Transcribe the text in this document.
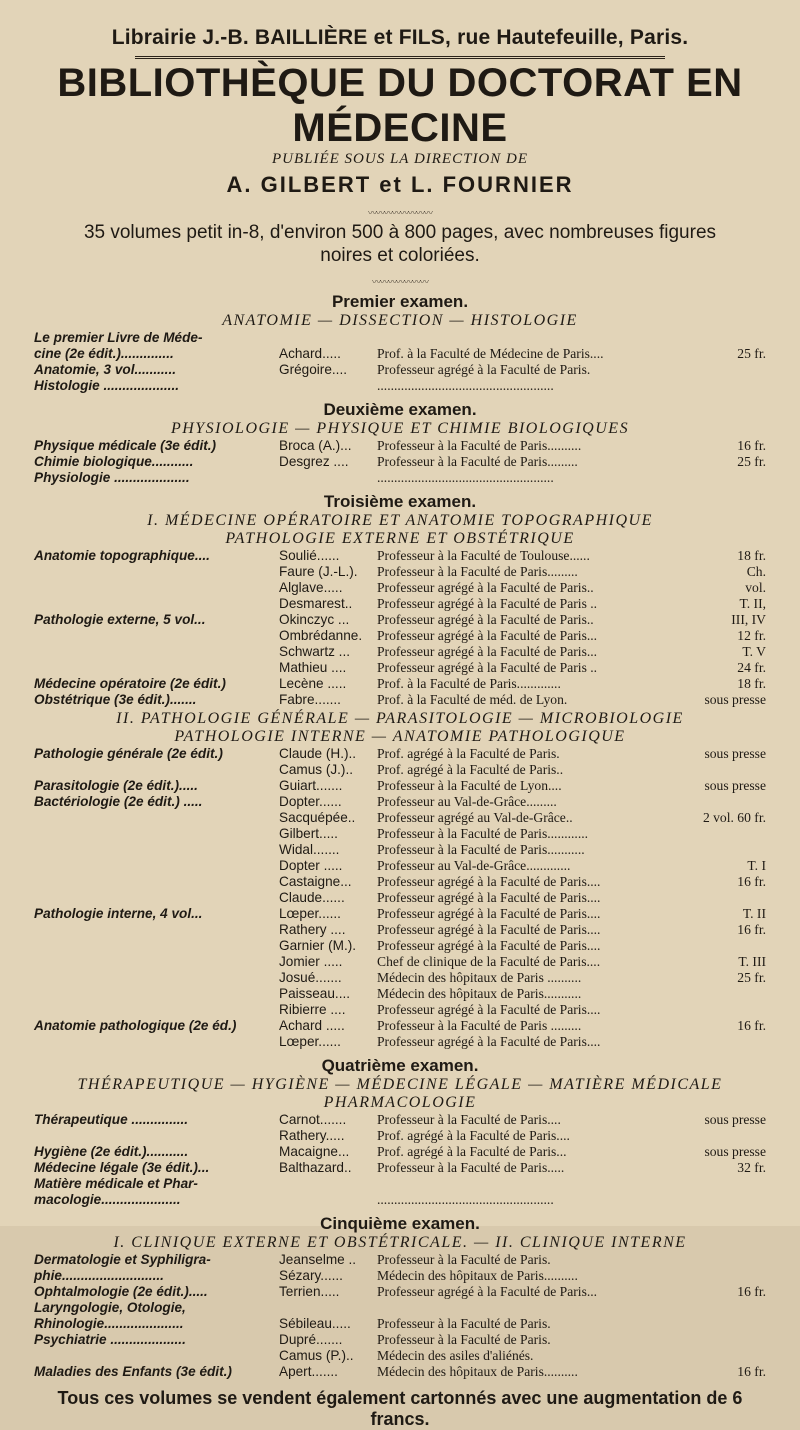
Librairie J.-B. BAILLIÈRE et FILS, rue Hautefeuille, Paris.
BIBLIOTHÈQUE DU DOCTORAT EN MÉDECINE
PUBLIÉE SOUS LA DIRECTION DE
A. GILBERT et L. FOURNIER
〰〰〰〰〰〰〰〰
35 volumes petit in-8, d'environ 500 à 800 pages, avec nombreuses figures
noires et coloriées.
〰〰〰〰〰〰〰
Premier examen.
ANATOMIE — DISSECTION — HISTOLOGIE
Le premier Livre de Méde-			
cine (2e édit.)..............	Achard.....	Prof. à la Faculté de Médecine de Paris....	25 fr.
Anatomie, 3 vol...........	Grégoire....	Professeur agrégé à la Faculté de Paris.	
Histologie ....................		....................................................	
Deuxième examen.
PHYSIOLOGIE — PHYSIQUE ET CHIMIE BIOLOGIQUES
Physique médicale (3e édit.)	Broca (A.)...	Professeur à la Faculté de Paris..........	16 fr.
Chimie biologique...........	Desgrez ....	Professeur à la Faculté de Paris.........	25 fr.
Physiologie ....................		....................................................	
Troisième examen.
I. MÉDECINE OPÉRATOIRE ET ANATOMIE TOPOGRAPHIQUE
PATHOLOGIE EXTERNE ET OBSTÉTRIQUE
Anatomie topographique....	Soulié......	Professeur à la Faculté de Toulouse......	18 fr.
	Faure (J.-L.).	Professeur à la Faculté de Paris.........	Ch.
	Alglave.....	Professeur agrégé à la Faculté de Paris..	vol.
	Desmarest..	Professeur agrégé à la Faculté de Paris ..	T. II,
Pathologie externe, 5 vol...	Okinczyc ...	Professeur agrégé à la Faculté de Paris..	III, IV
	Ombrédanne.	Professeur agrégé à la Faculté de Paris...	12 fr.
	Schwartz ...	Professeur agrégé à la Faculté de Paris...	T. V
	Mathieu ....	Professeur agrégé à la Faculté de Paris ..	24 fr.
Médecine opératoire (2e édit.)	Lecène .....	Prof. à la Faculté de Paris.............	18 fr.
Obstétrique (3e édit.).......	Fabre.......	Prof. à la Faculté de méd. de Lyon.	sous presse
II. PATHOLOGIE GÉNÉRALE — PARASITOLOGIE — MICROBIOLOGIE
PATHOLOGIE INTERNE — ANATOMIE PATHOLOGIQUE
Pathologie générale (2e édit.)	Claude (H.)..	Prof. agrégé à la Faculté de Paris.	sous presse
	Camus (J.)..	Prof. agrégé à la Faculté de Paris..	
Parasitologie (2e édit.).....	Guiart.......	Professeur à la Faculté de Lyon....	sous presse
Bactériologie (2e édit.) .....	Dopter......	Professeur au Val-de-Grâce.........	
	Sacquépée..	Professeur agrégé au Val-de-Grâce..	2 vol. 60 fr.
	Gilbert.....	Professeur à la Faculté de Paris............	
	Widal.......	Professeur à la Faculté de Paris...........	
	Dopter .....	Professeur au Val-de-Grâce.............	T. I
	Castaigne...	Professeur agrégé à la Faculté de Paris....	16 fr.
	Claude......	Professeur agrégé à la Faculté de Paris....	
Pathologie interne, 4 vol...	Lœper......	Professeur agrégé à la Faculté de Paris....	T. II
	Rathery ....	Professeur agrégé à la Faculté de Paris....	16 fr.
	Garnier (M.).	Professeur agrégé à la Faculté de Paris....	
	Jomier .....	Chef de clinique de la Faculté de Paris....	T. III
	Josué.......	Médecin des hôpitaux de Paris ..........	25 fr.
	Paisseau....	Médecin des hôpitaux de Paris...........	
	Ribierre ....	Professeur agrégé à la Faculté de Paris....	
Anatomie pathologique (2e éd.)	Achard .....	Professeur à la Faculté de Paris .........	16 fr.
	Lœper......	Professeur agrégé à la Faculté de Paris....	
Quatrième examen.
THÉRAPEUTIQUE — HYGIÈNE — MÉDECINE LÉGALE — MATIÈRE MÉDICALE
PHARMACOLOGIE
Thérapeutique ...............	Carnot.......	Professeur à la Faculté de Paris....	sous presse
	Rathery.....	Prof. agrégé à la Faculté de Paris....	
Hygiène (2e édit.)...........	Macaigne...	Prof. agrégé à la Faculté de Paris...	sous presse
Médecine légale (3e édit.)...	Balthazard..	Professeur à la Faculté de Paris.....	32 fr.
Matière médicale et Phar-			
macologie.....................		....................................................	
Cinquième examen.
I. CLINIQUE EXTERNE ET OBSTÉTRICALE. — II. CLINIQUE INTERNE
Dermatologie et Syphiligra-	Jeanselme ..	Professeur à la Faculté de Paris.	
phie...........................	Sézary......	Médecin des hôpitaux de Paris..........	
Ophtalmologie (2e édit.).....	Terrien.....	Professeur agrégé à la Faculté de Paris...	16 fr.
Laryngologie, Otologie,			
Rhinologie.....................	Sébileau.....	Professeur à la Faculté de Paris.	
Psychiatrie ....................	Dupré.......	Professeur à la Faculté de Paris.	
	Camus (P.)..	Médecin des asiles d'aliénés.	
Maladies des Enfants (3e édit.)	Apert.......	Médecin des hôpitaux de Paris..........	16 fr.
Tous ces volumes se vendent également cartonnés avec une augmentation de 6 francs.
